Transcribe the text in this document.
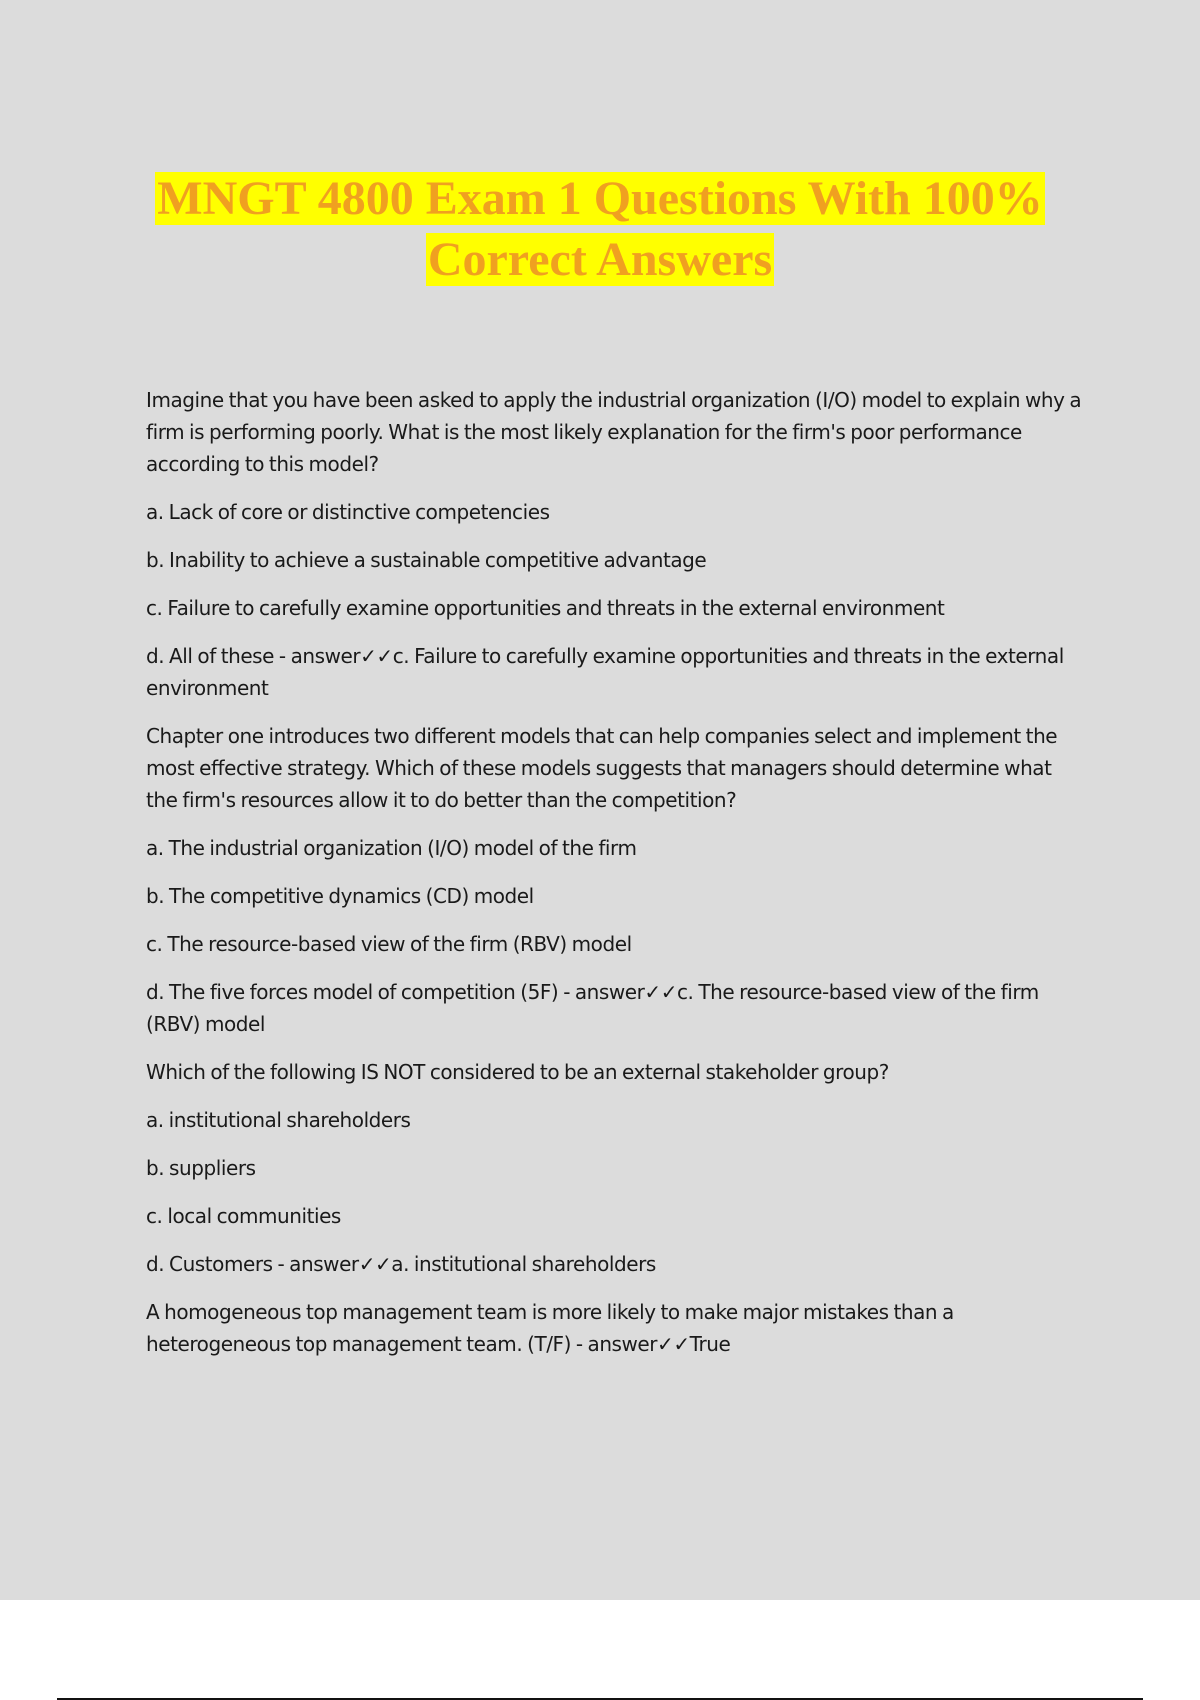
MNGT 4800 Exam 1 Questions With 100%
Correct Answers

Imagine that you have been asked to apply the industrial organization (I/O) model to explain why a firm is performing poorly. What is the most likely explanation for the firm's poor performance according to this model?

a. Lack of core or distinctive competencies

b. Inability to achieve a sustainable competitive advantage

c. Failure to carefully examine opportunities and threats in the external environment

d. All of these - answer✓✓c. Failure to carefully examine opportunities and threats in the external environment

Chapter one introduces two different models that can help companies select and implement the most effective strategy. Which of these models suggests that managers should determine what the firm's resources allow it to do better than the competition?

a. The industrial organization (I/O) model of the firm

b. The competitive dynamics (CD) model

c. The resource-based view of the firm (RBV) model

d. The five forces model of competition (5F) - answer✓✓c. The resource-based view of the firm (RBV) model

Which of the following IS NOT considered to be an external stakeholder group?

a. institutional shareholders

b. suppliers

c. local communities

d. Customers - answer✓✓a. institutional shareholders

A homogeneous top management team is more likely to make major mistakes than a heterogeneous top management team. (T/F) - answer✓✓True
